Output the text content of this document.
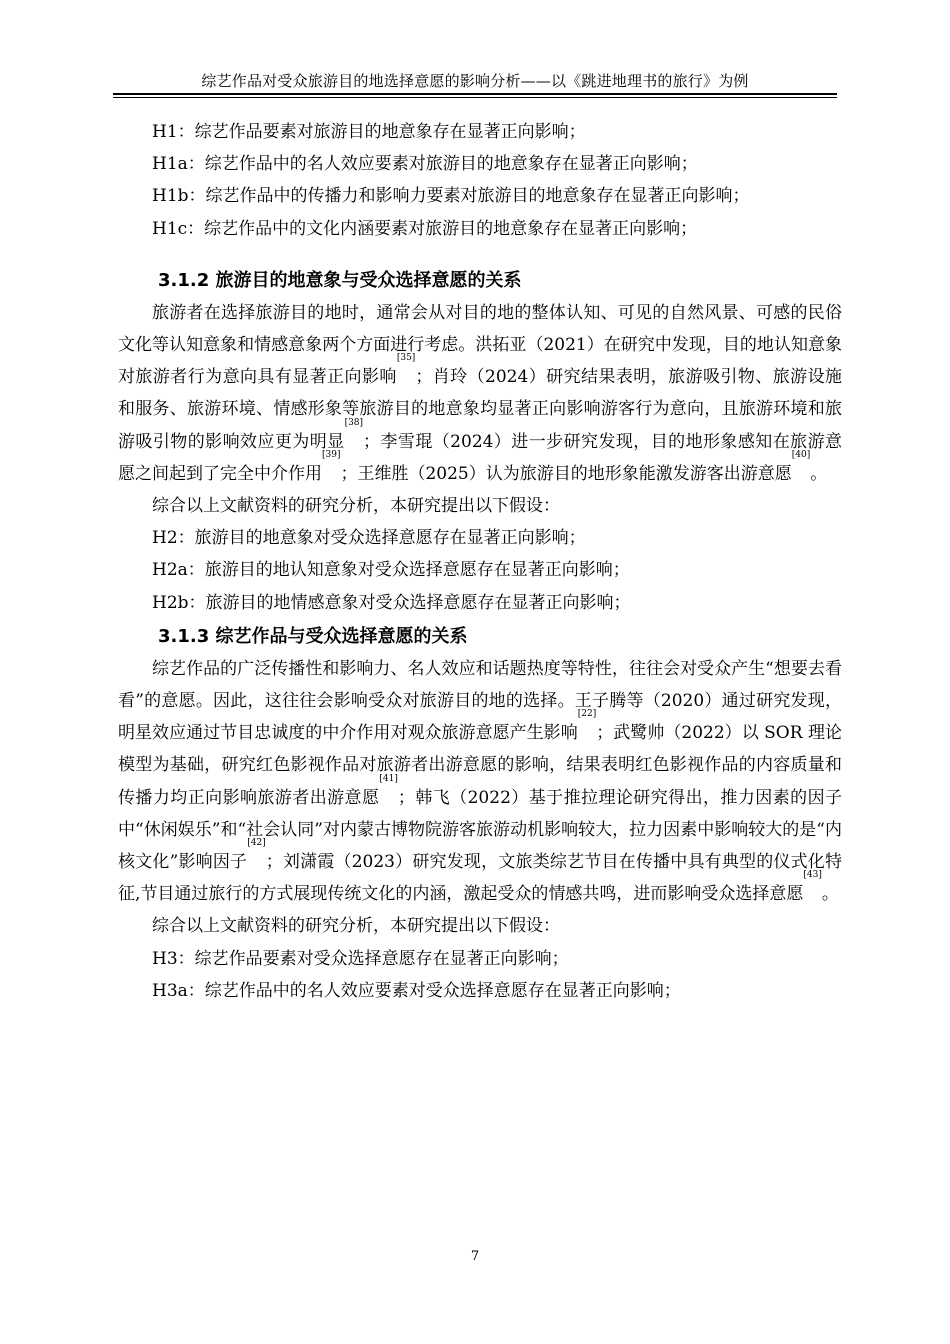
综艺作品对受众旅游目的地选择意愿的影响分析——以《跳进地理书的旅行》为例

H1：综艺作品要素对旅游目的地意象存在显著正向影响；

H1a：综艺作品中的名人效应要素对旅游目的地意象存在显著正向影响；

H1b：综艺作品中的传播力和影响力要素对旅游目的地意象存在显著正向影响；

H1c：综艺作品中的文化内涵要素对旅游目的地意象存在显著正向影响；

3.1.2 旅游目的地意象与受众选择意愿的关系

旅游者在选择旅游目的地时，通常会从对目的地的整体认知、可见的自然风景、可感的民俗文化等认知意象和情感意象两个方面进行考虑。洪拓亚（2021）在研究中发现，目的地认知意象对旅游者行为意向具有显著正向影响[35]；肖玲（2024）研究结果表明，旅游吸引物、旅游设施和服务、旅游环境、情感形象等旅游目的地意象均显著正向影响游客行为意向，且旅游环境和旅游吸引物的影响效应更为明显[38]；李雪琨（2024）进一步研究发现，目的地形象感知在旅游意愿之间起到了完全中介作用[39]；王维胜（2025）认为旅游目的地形象能激发游客出游意愿[40]。

综合以上文献资料的研究分析，本研究提出以下假设：

H2：旅游目的地意象对受众选择意愿存在显著正向影响；

H2a：旅游目的地认知意象对受众选择意愿存在显著正向影响；

H2b：旅游目的地情感意象对受众选择意愿存在显著正向影响；

3.1.3 综艺作品与受众选择意愿的关系

综艺作品的广泛传播性和影响力、名人效应和话题热度等特性，往往会对受众产生“想要去看看”的意愿。因此，这往往会影响受众对旅游目的地的选择。王子腾等（2020）通过研究发现，明星效应通过节目忠诚度的中介作用对观众旅游意愿产生影响[22]；武鹭帅（2022）以 SOR 理论模型为基础，研究红色影视作品对旅游者出游意愿的影响，结果表明红色影视作品的内容质量和传播力均正向影响旅游者出游意愿[41]；韩飞（2022）基于推拉理论研究得出，推力因素的因子中“休闲娱乐”和“社会认同”对内蒙古博物院游客旅游动机影响较大，拉力因素中影响较大的是“内核文化”影响因子[42]；刘潇霞（2023）研究发现，文旅类综艺节目在传播中具有典型的仪式化特征,节目通过旅行的方式展现传统文化的内涵，激起受众的情感共鸣，进而影响受众选择意愿[43]。

综合以上文献资料的研究分析，本研究提出以下假设：

H3：综艺作品要素对受众选择意愿存在显著正向影响；

H3a：综艺作品中的名人效应要素对受众选择意愿存在显著正向影响；

7
